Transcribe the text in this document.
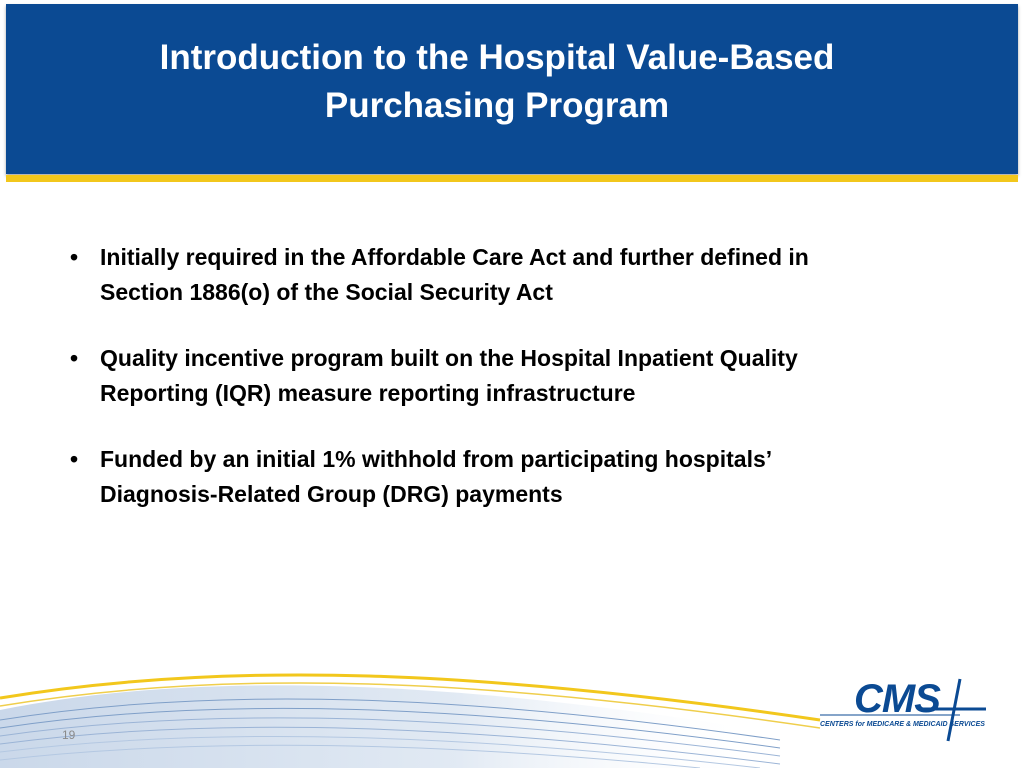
Introduction to the Hospital Value-Based
Purchasing Program
• Initially required in the Affordable Care Act and further defined in
Section 1886(o) of the Social Security Act
• Quality incentive program built on the Hospital Inpatient Quality
Reporting (IQR) measure reporting infrastructure
• Funded by an initial 1% withhold from participating hospitals’
Diagnosis-Related Group (DRG) payments
19
CMS
CENTERS for MEDICARE & MEDICAID SERVICES
